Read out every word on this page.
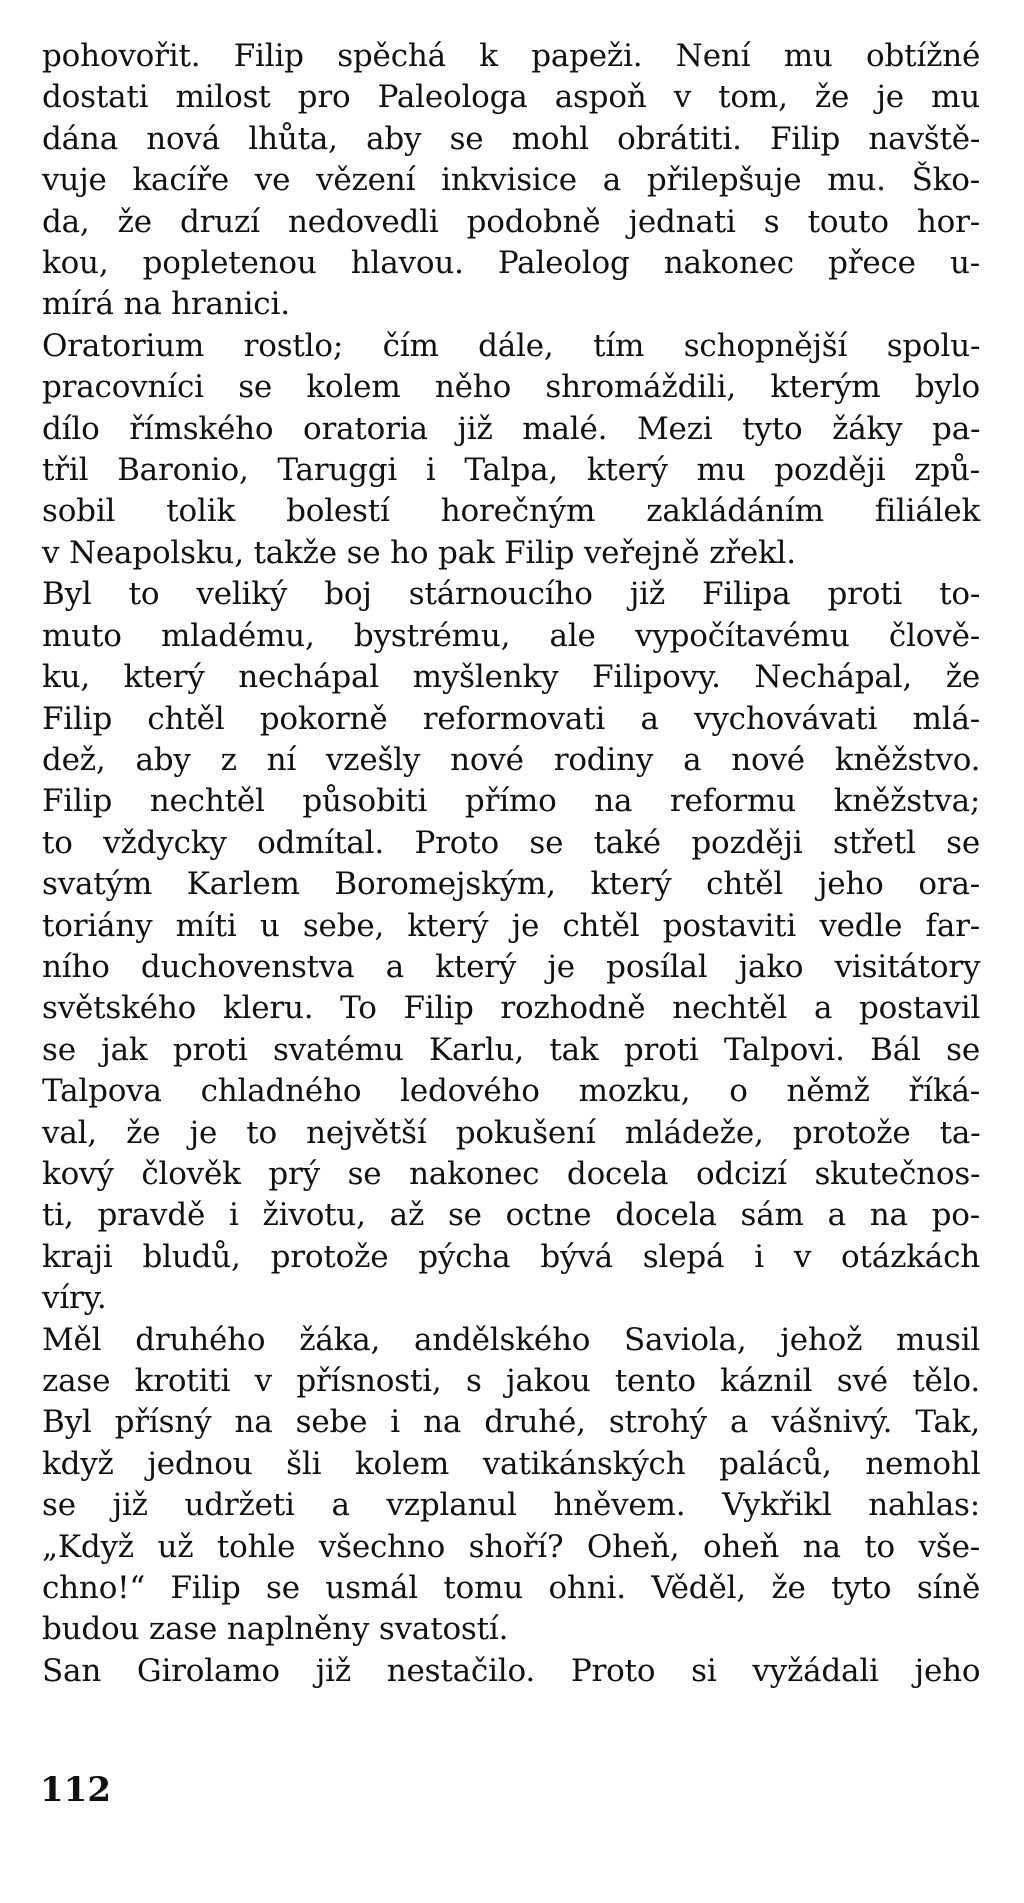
pohovořit. Filip spěchá k papeži. Není mu obtížné
dostati milost pro Paleologa aspoň v tom, že je mu
dána nová lhůta, aby se mohl obrátiti. Filip navště-
vuje kacíře ve vězení inkvisice a přilepšuje mu. Ško-
da, že druzí nedovedli podobně jednati s touto hor-
kou, popletenou hlavou. Paleolog nakonec přece u-
mírá na hranici.
Oratorium rostlo; čím dále, tím schopnější spolu-
pracovníci se kolem něho shromáždili, kterým bylo
dílo římského oratoria již malé. Mezi tyto žáky pa-
třil Baronio, Taruggi i Talpa, který mu později způ-
sobil tolik bolestí horečným zakládáním filiálek
v Neapolsku, takže se ho pak Filip veřejně zřekl.
Byl to veliký boj stárnoucího již Filipa proti to-
muto mladému, bystrému, ale vypočítavému člově-
ku, který nechápal myšlenky Filipovy. Nechápal, že
Filip chtěl pokorně reformovati a vychovávati mlá-
dež, aby z ní vzešly nové rodiny a nové kněžstvo.
Filip nechtěl působiti přímo na reformu kněžstva;
to vždycky odmítal. Proto se také později střetl se
svatým Karlem Boromejským, který chtěl jeho ora-
toriány míti u sebe, který je chtěl postaviti vedle far-
ního duchovenstva a který je posílal jako visitátory
světského kleru. To Filip rozhodně nechtěl a postavil
se jak proti svatému Karlu, tak proti Talpovi. Bál se
Talpova chladného ledového mozku, o němž říká-
val, že je to největší pokušení mládeže, protože ta-
kový člověk prý se nakonec docela odcizí skutečnos-
ti, pravdě i životu, až se octne docela sám a na po-
kraji bludů, protože pýcha bývá slepá i v otázkách
víry.
Měl druhého žáka, andělského Saviola, jehož musil
zase krotiti v přísnosti, s jakou tento káznil své tělo.
Byl přísný na sebe i na druhé, strohý a vášnivý. Tak,
když jednou šli kolem vatikánských paláců, nemohl
se již udržeti a vzplanul hněvem. Vykřikl nahlas:
„Když už tohle všechno shoří? Oheň, oheň na to vše-
chno!“ Filip se usmál tomu ohni. Věděl, že tyto síně
budou zase naplněny svatostí.
San Girolamo již nestačilo. Proto si vyžádali jeho
112
